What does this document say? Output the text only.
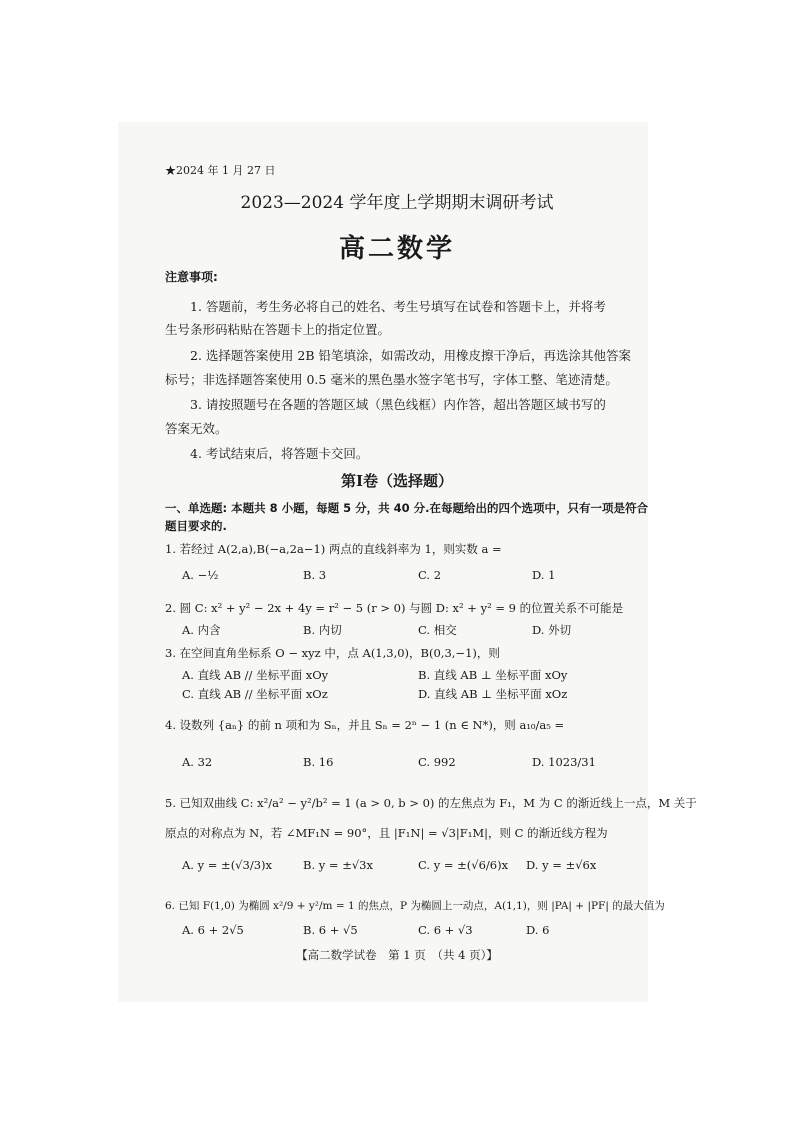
★2024 年 1 月 27 日
2023—2024 学年度上学期期末调研考试
高二数学
注意事项:
1. 答题前，考生务必将自己的姓名、考生号填写在试卷和答题卡上，并将考
生号条形码粘贴在答题卡上的指定位置。
2. 选择题答案使用 2B 铅笔填涂，如需改动，用橡皮擦干净后，再选涂其他答案
标号；非选择题答案使用 0.5 毫米的黑色墨水签字笔书写，字体工整、笔迹清楚。
3. 请按照题号在各题的答题区域（黑色线框）内作答，超出答题区域书写的
答案无效。
4. 考试结束后，将答题卡交回。
第Ⅰ卷（选择题）
一、单选题: 本题共 8 小题，每题 5 分，共 40 分.在每题给出的四个选项中，只有一项是符合
题目要求的.
1. 若经过 A(2,a),B(−a,2a−1) 两点的直线斜率为 1，则实数 a =
A. −½	B. 3	C. 2	D. 1
2. 圆 C: x² + y² − 2x + 4y = r² − 5 (r > 0) 与圆 D: x² + y² = 9 的位置关系不可能是
A. 内含	B. 内切	C. 相交	D. 外切
3. 在空间直角坐标系 O − xyz 中，点 A(1,3,0)，B(0,3,−1)，则
A. 直线 AB // 坐标平面 xOy	B. 直线 AB ⊥ 坐标平面 xOy
C. 直线 AB // 坐标平面 xOz	D. 直线 AB ⊥ 坐标平面 xOz
4. 设数列 {aₙ} 的前 n 项和为 Sₙ，并且 Sₙ = 2ⁿ − 1 (n ∈ N*)，则 a₁₀/a₅ =
A. 32	B. 16	C. 992	D. 1023/31
5. 已知双曲线 C: x²/a² − y²/b² = 1 (a > 0, b > 0) 的左焦点为 F₁，M 为 C 的渐近线上一点，M 关于
原点的对称点为 N，若 ∠MF₁N = 90°，且 |F₁N| = √3|F₁M|，则 C 的渐近线方程为
A. y = ±(√3/3)x	B. y = ±√3x	C. y = ±(√6/6)x D. y = ±√6x
6. 已知 F(1,0) 为椭圆 x²/9 + y²/m = 1 的焦点，P 为椭圆上一动点，A(1,1)，则 |PA| + |PF| 的最大值为
A. 6 + 2√5	B. 6 + √5	C. 6 + √3	D. 6
【高二数学试卷　第 1 页　（共 4 页）】
